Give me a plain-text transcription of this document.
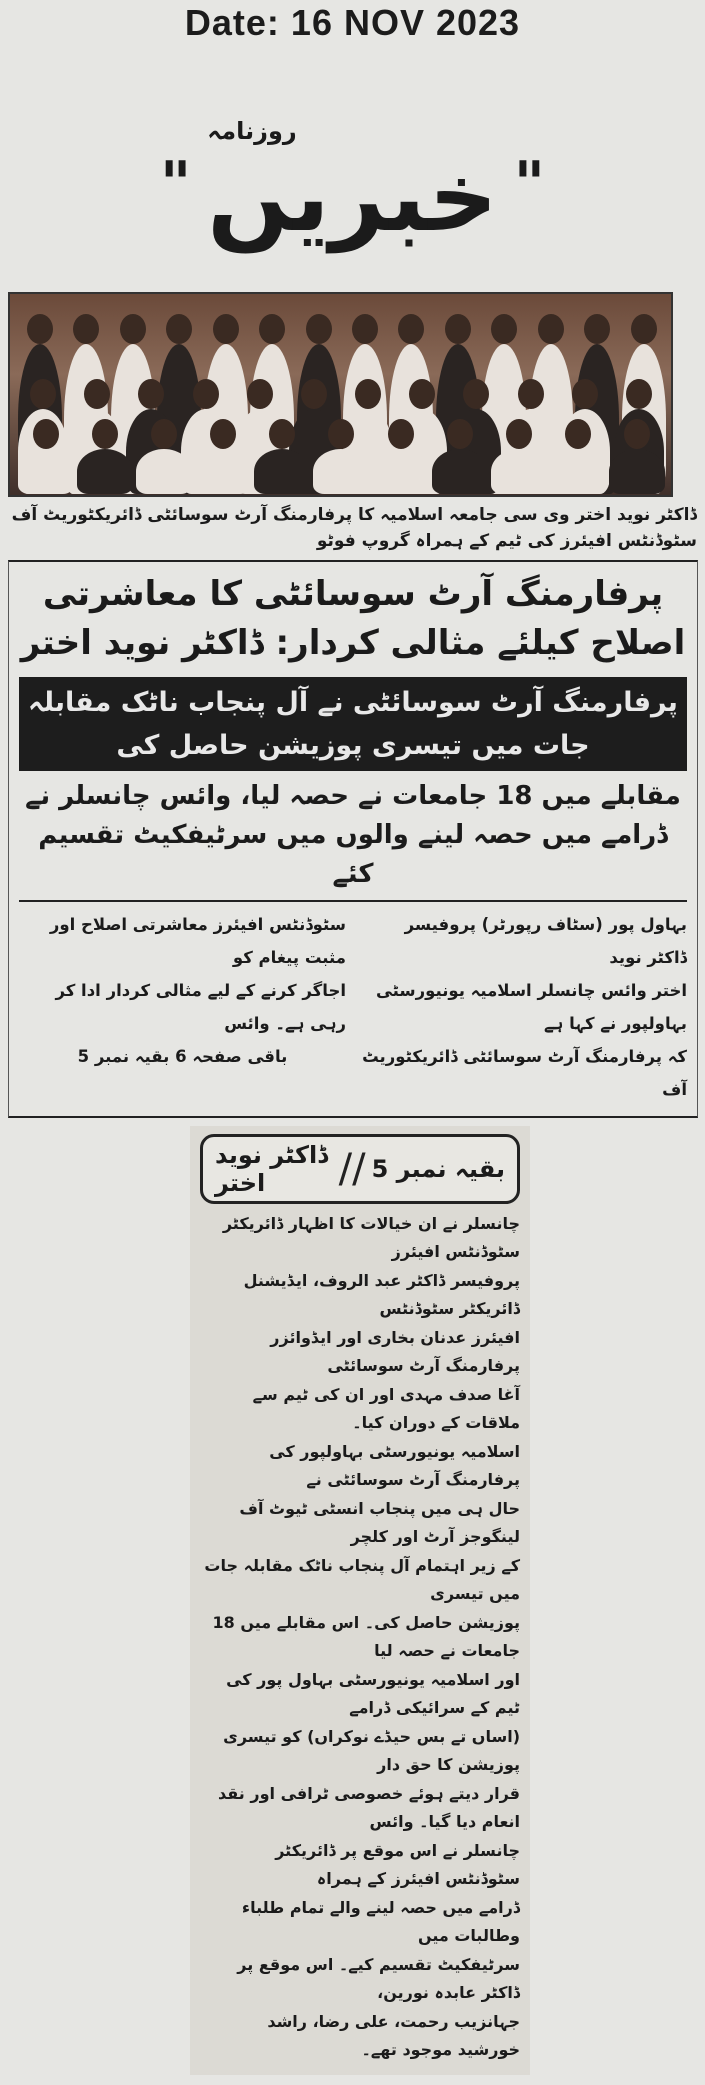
Date: 16 NOV 2023
"
روزنامہ
خبریں "
ڈاکٹر نوید اختر وی سی جامعہ اسلامیہ کا پرفارمنگ آرٹ سوسائٹی ڈائریکٹوریٹ آف سٹوڈنٹس افیئرز کی ٹیم کے ہمراہ گروپ فوٹو
پرفارمنگ آرٹ سوسائٹی کا معاشرتی اصلاح کیلئے مثالی کردار: ڈاکٹر نوید اختر
پرفارمنگ آرٹ سوسائٹی نے آل پنجاب ناٹک مقابلہ جات میں تیسری پوزیشن حاصل کی
مقابلے میں 18 جامعات نے حصہ لیا، وائس چانسلر نے ڈرامے میں حصہ لینے والوں میں سرٹیفکیٹ تقسیم کئے
بہاول پور (سٹاف رپورٹر) پروفیسر ڈاکٹر نوید
اختر وائس چانسلر اسلامیہ یونیورسٹی بہاولپور نے کہا ہے
کہ پرفارمنگ آرٹ سوسائٹی ڈائریکٹوریٹ آف
سٹوڈنٹس افیئرز معاشرتی اصلاح اور مثبت پیغام کو
اجاگر کرنے کے لیے مثالی کردار ادا کر رہی ہے۔ وائس
باقی صفحہ 6 بقیہ نمبر 5
بقیہ نمبر 5
//
ڈاکٹر نوید اختر
چانسلر نے ان خیالات کا اظہار ڈائریکٹر سٹوڈنٹس افیئرز
پروفیسر ڈاکٹر عبد الروف، ایڈیشنل ڈائریکٹر سٹوڈنٹس
افیئرز عدنان بخاری اور ایڈوائزر پرفارمنگ آرٹ سوسائٹی
آغا صدف مہدی اور ان کی ٹیم سے ملاقات کے دوران کیا۔
اسلامیہ یونیورسٹی بہاولپور کی پرفارمنگ آرٹ سوسائٹی نے
حال ہی میں پنجاب انسٹی ٹیوٹ آف لینگوجز آرٹ اور کلچر
کے زیر اہتمام آل پنجاب ناٹک مقابلہ جات میں تیسری
پوزیشن حاصل کی۔ اس مقابلے میں 18 جامعات نے حصہ لیا
اور اسلامیہ یونیورسٹی بہاول پور کی ٹیم کے سرائیکی ڈرامے
(اساں تے بس حیڈے نوکراں) کو تیسری پوزیشن کا حق دار
قرار دیتے ہوئے خصوصی ٹرافی اور نقد انعام دیا گیا۔ وائس
چانسلر نے اس موقع پر ڈائریکٹر سٹوڈنٹس افیئرز کے ہمراہ
ڈرامے میں حصہ لینے والے تمام طلباء وطالبات میں
سرٹیفکیٹ تقسیم کیے۔ اس موقع پر ڈاکٹر عابدہ نورین،
جہانزیب رحمت، علی رضا، راشد خورشید موجود تھے۔
